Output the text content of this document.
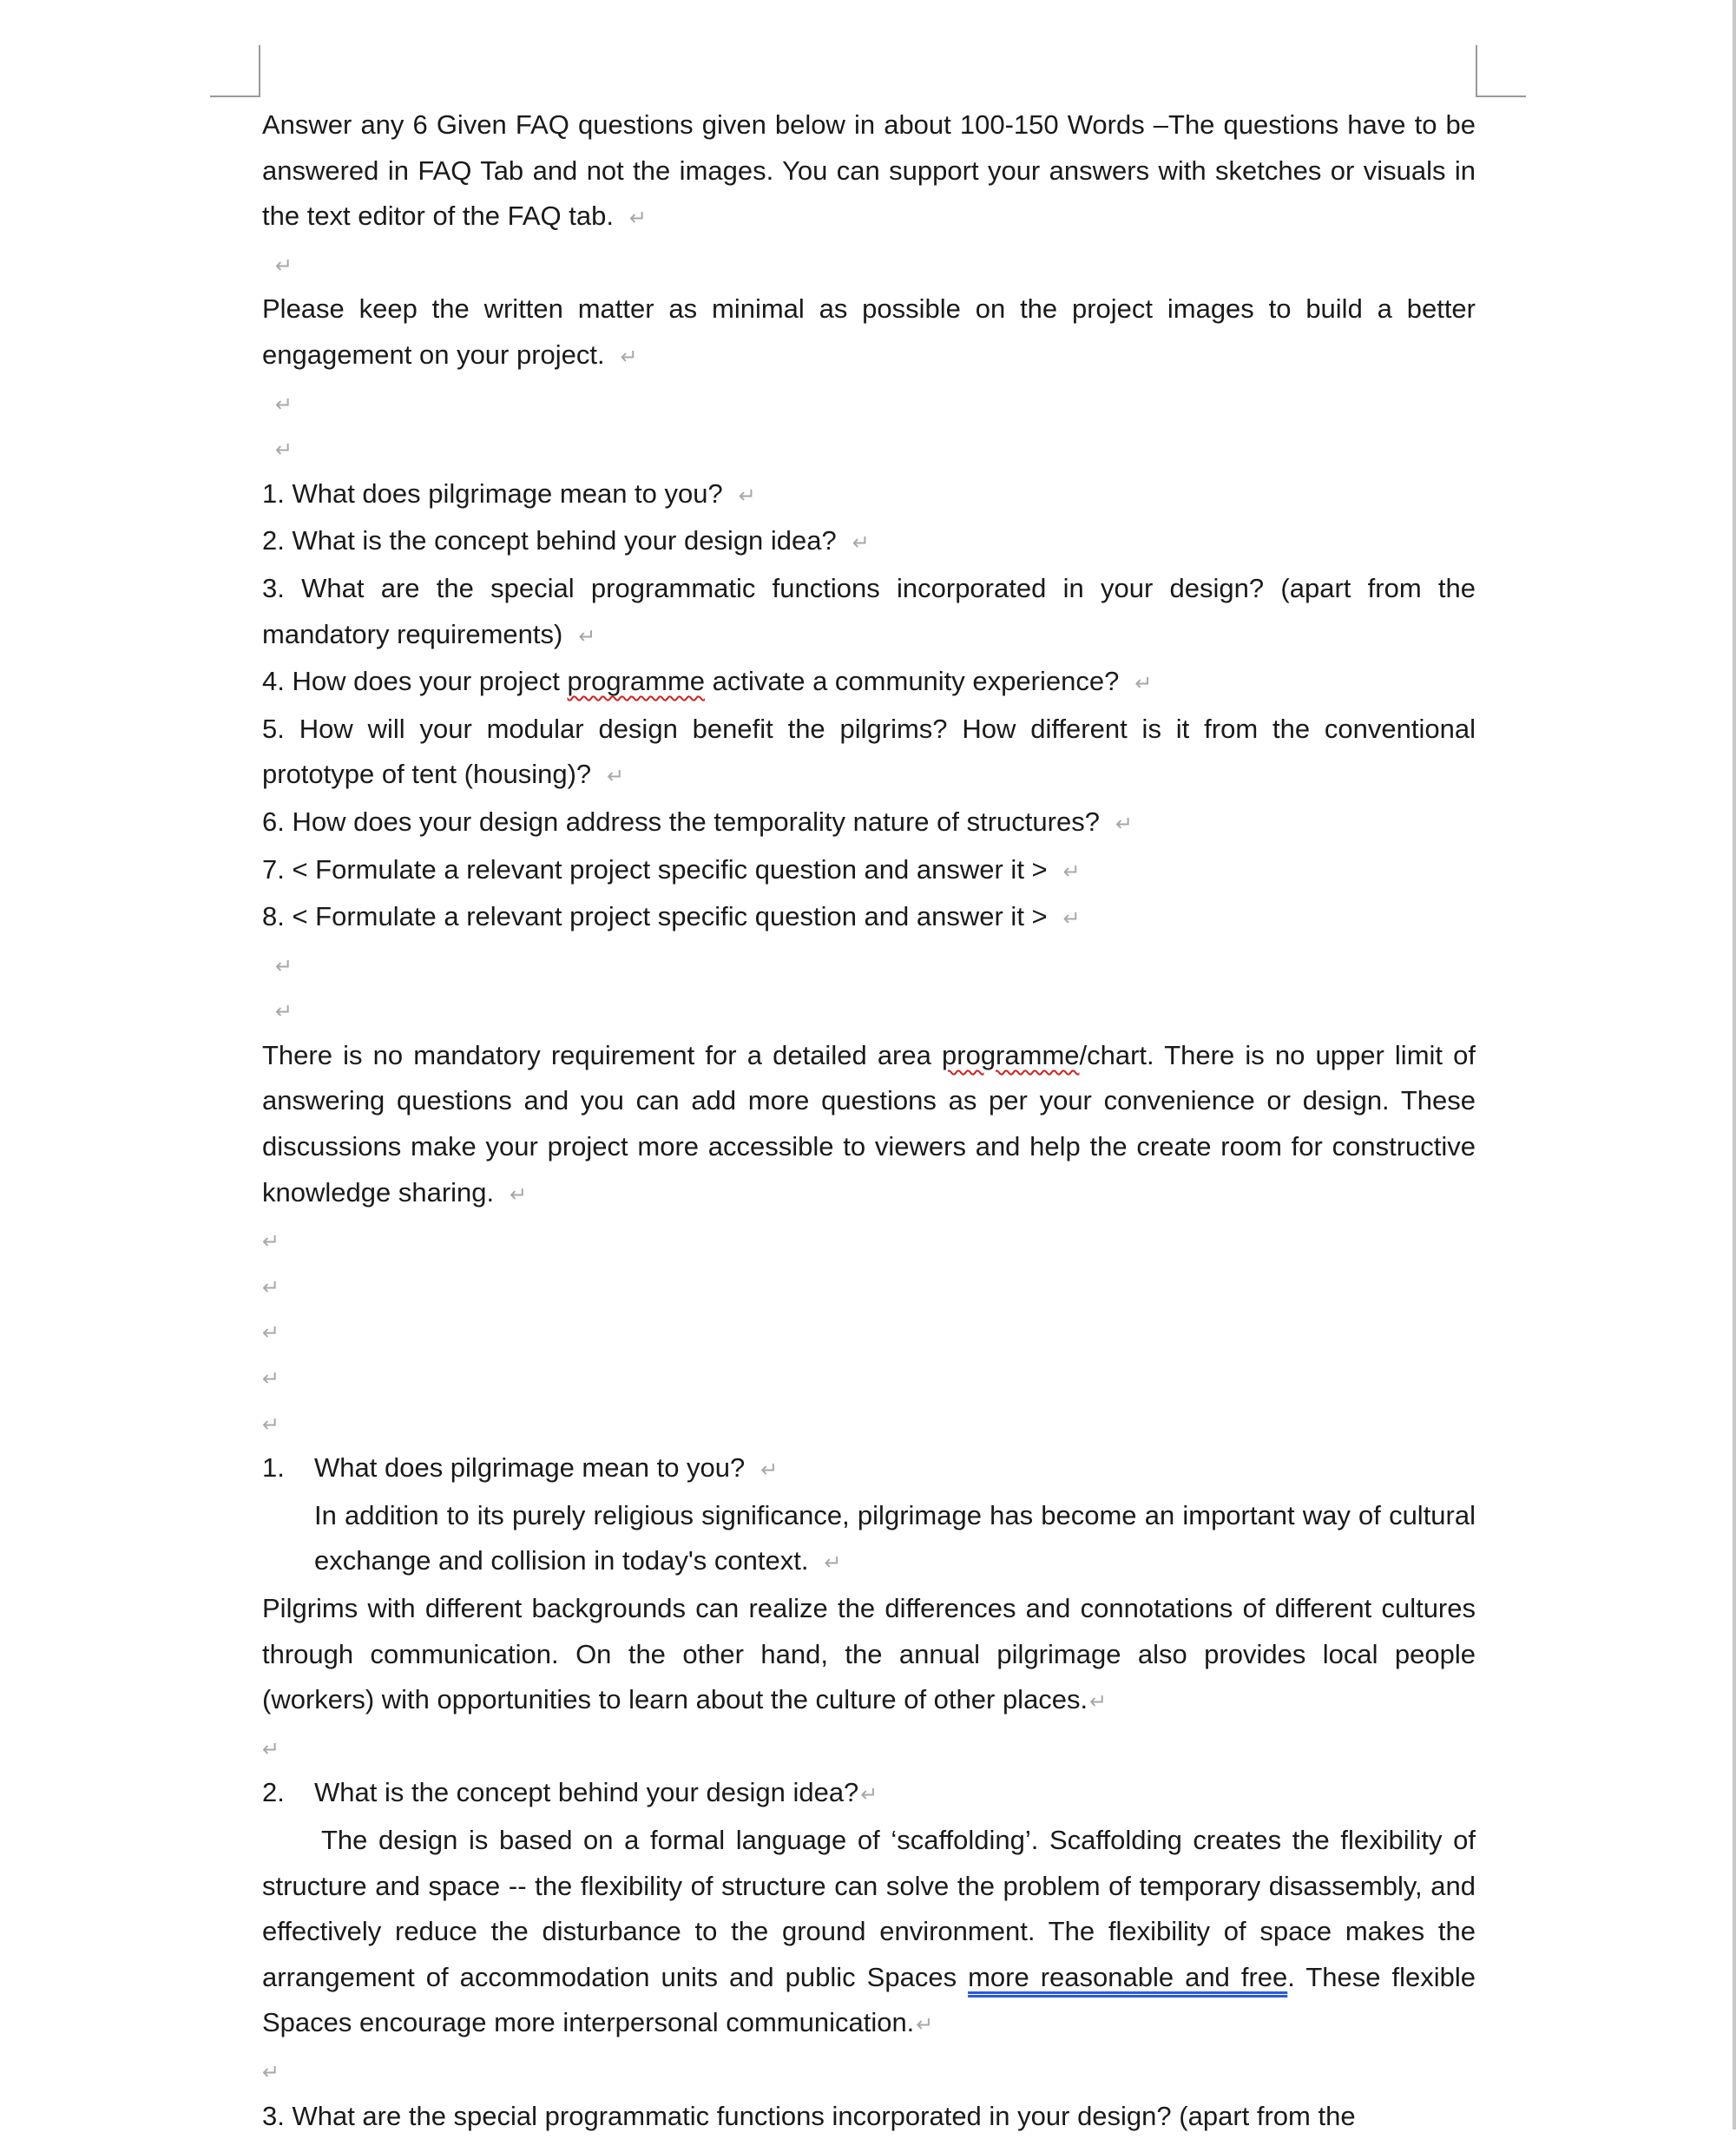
Answer any 6 Given FAQ questions given below in about 100-150 Words –The questions have to be answered in FAQ Tab and not the images. You can support your answers with sketches or visuals in the text editor of the FAQ tab. ↵

↵

Please keep the written matter as minimal as possible on the project images to build a better engagement on your project. ↵

↵
↵

1. What does pilgrimage mean to you? ↵

2. What is the concept behind your design idea? ↵

3. What are the special programmatic functions incorporated in your design? (apart from the mandatory requirements) ↵

4. How does your project programme activate a community experience? ↵

5. How will your modular design benefit the pilgrims? How different is it from the conventional prototype of tent (housing)? ↵

6. How does your design address the temporality nature of structures? ↵

7. < Formulate a relevant project specific question and answer it > ↵

8. < Formulate a relevant project specific question and answer it > ↵

↵
↵

There is no mandatory requirement for a detailed area programme/chart. There is no upper limit of answering questions and you can add more questions as per your convenience or design. These discussions make your project more accessible to viewers and help the create room for constructive knowledge sharing. ↵

↵
↵
↵
↵
↵
1.	What does pilgrimage mean to you? ↵

In addition to its purely religious significance, pilgrimage has become an important way of cultural exchange and collision in today's context. ↵

Pilgrims with different backgrounds can realize the differences and connotations of different cultures through communication. On the other hand, the annual pilgrimage also provides local people (workers) with opportunities to learn about the culture of other places.↵

↵
2.	What is the concept behind your design idea?↵

The design is based on a formal language of ‘scaffolding’. Scaffolding creates the flexibility of structure and space -- the flexibility of structure can solve the problem of temporary disassembly, and effectively reduce the disturbance to the ground environment. The flexibility of space makes the arrangement of accommodation units and public Spaces more reasonable and free. These flexible Spaces encourage more interpersonal communication.↵

↵

3. What are the special programmatic functions incorporated in your design? (apart from the
